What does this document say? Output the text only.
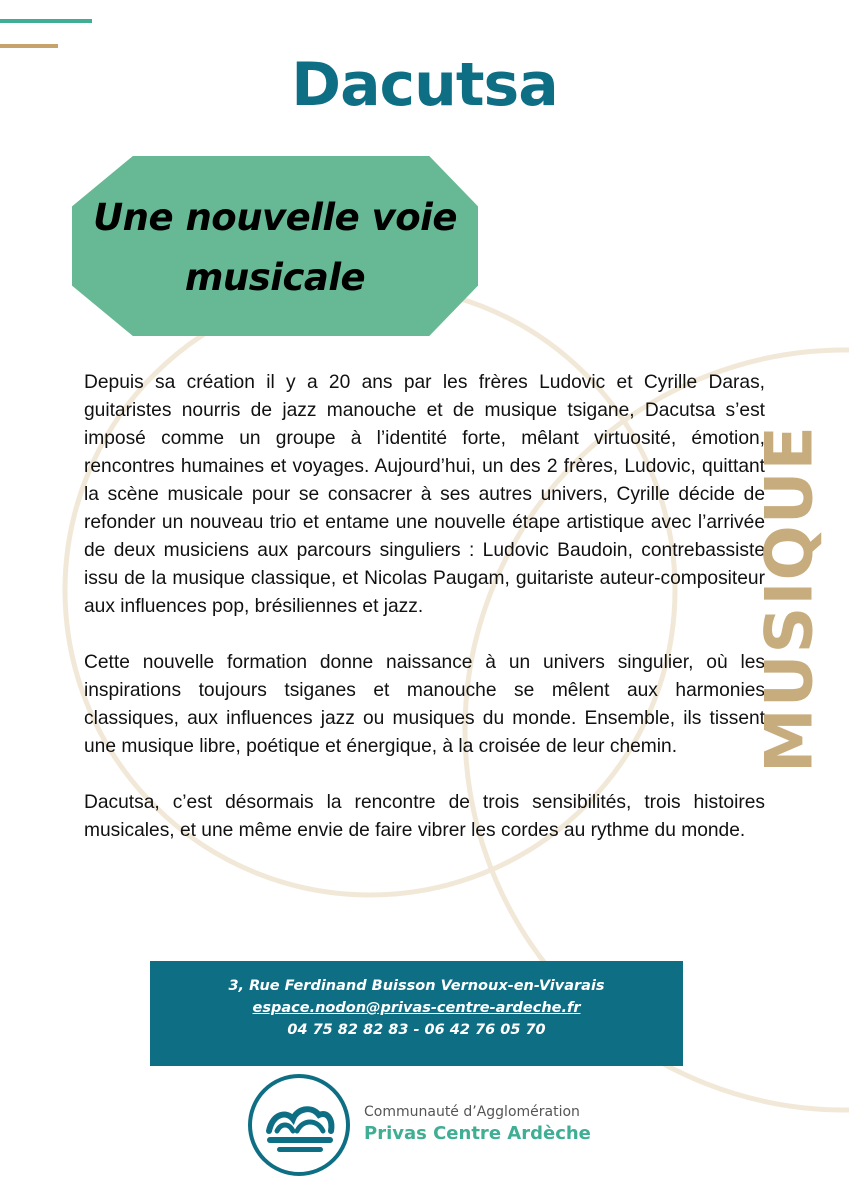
Dacutsa
Une nouvelle voie
musicale

Depuis sa création il y a 20 ans par les frères Ludovic et Cyrille Daras, guitaristes nourris de jazz manouche et de musique tsigane, Dacutsa s’est imposé comme un groupe à l’identité forte, mêlant virtuosité, émotion, rencontres humaines et voyages. Aujourd’hui, un des 2 frères, Ludovic, quittant la scène musicale pour se consacrer à ses autres univers, Cyrille décide de refonder un nouveau trio et entame une nouvelle étape artistique avec l’arrivée de deux musiciens aux parcours singuliers : Ludovic Baudoin, contrebassiste issu de la musique classique, et Nicolas Paugam, guitariste auteur-compositeur aux influences pop, brésiliennes et jazz.

Cette nouvelle formation donne naissance à un univers singulier, où les inspirations toujours tsiganes et manouche se mêlent aux harmonies classiques, aux influences jazz ou musiques du monde. Ensemble, ils tissent une musique libre, poétique et énergique, à la croisée de leur chemin.

Dacutsa, c’est désormais la rencontre de trois sensibilités, trois histoires musicales, et une même envie de faire vibrer les cordes au rythme du monde.

MUSIQUE
3, Rue Ferdinand Buisson Vernoux-en-Vivarais
espace.nodon@privas-centre-ardeche.fr
04 75 82 82 83 - 06 42 76 05 70
Communauté d’Agglomération
Privas Centre Ardèche
